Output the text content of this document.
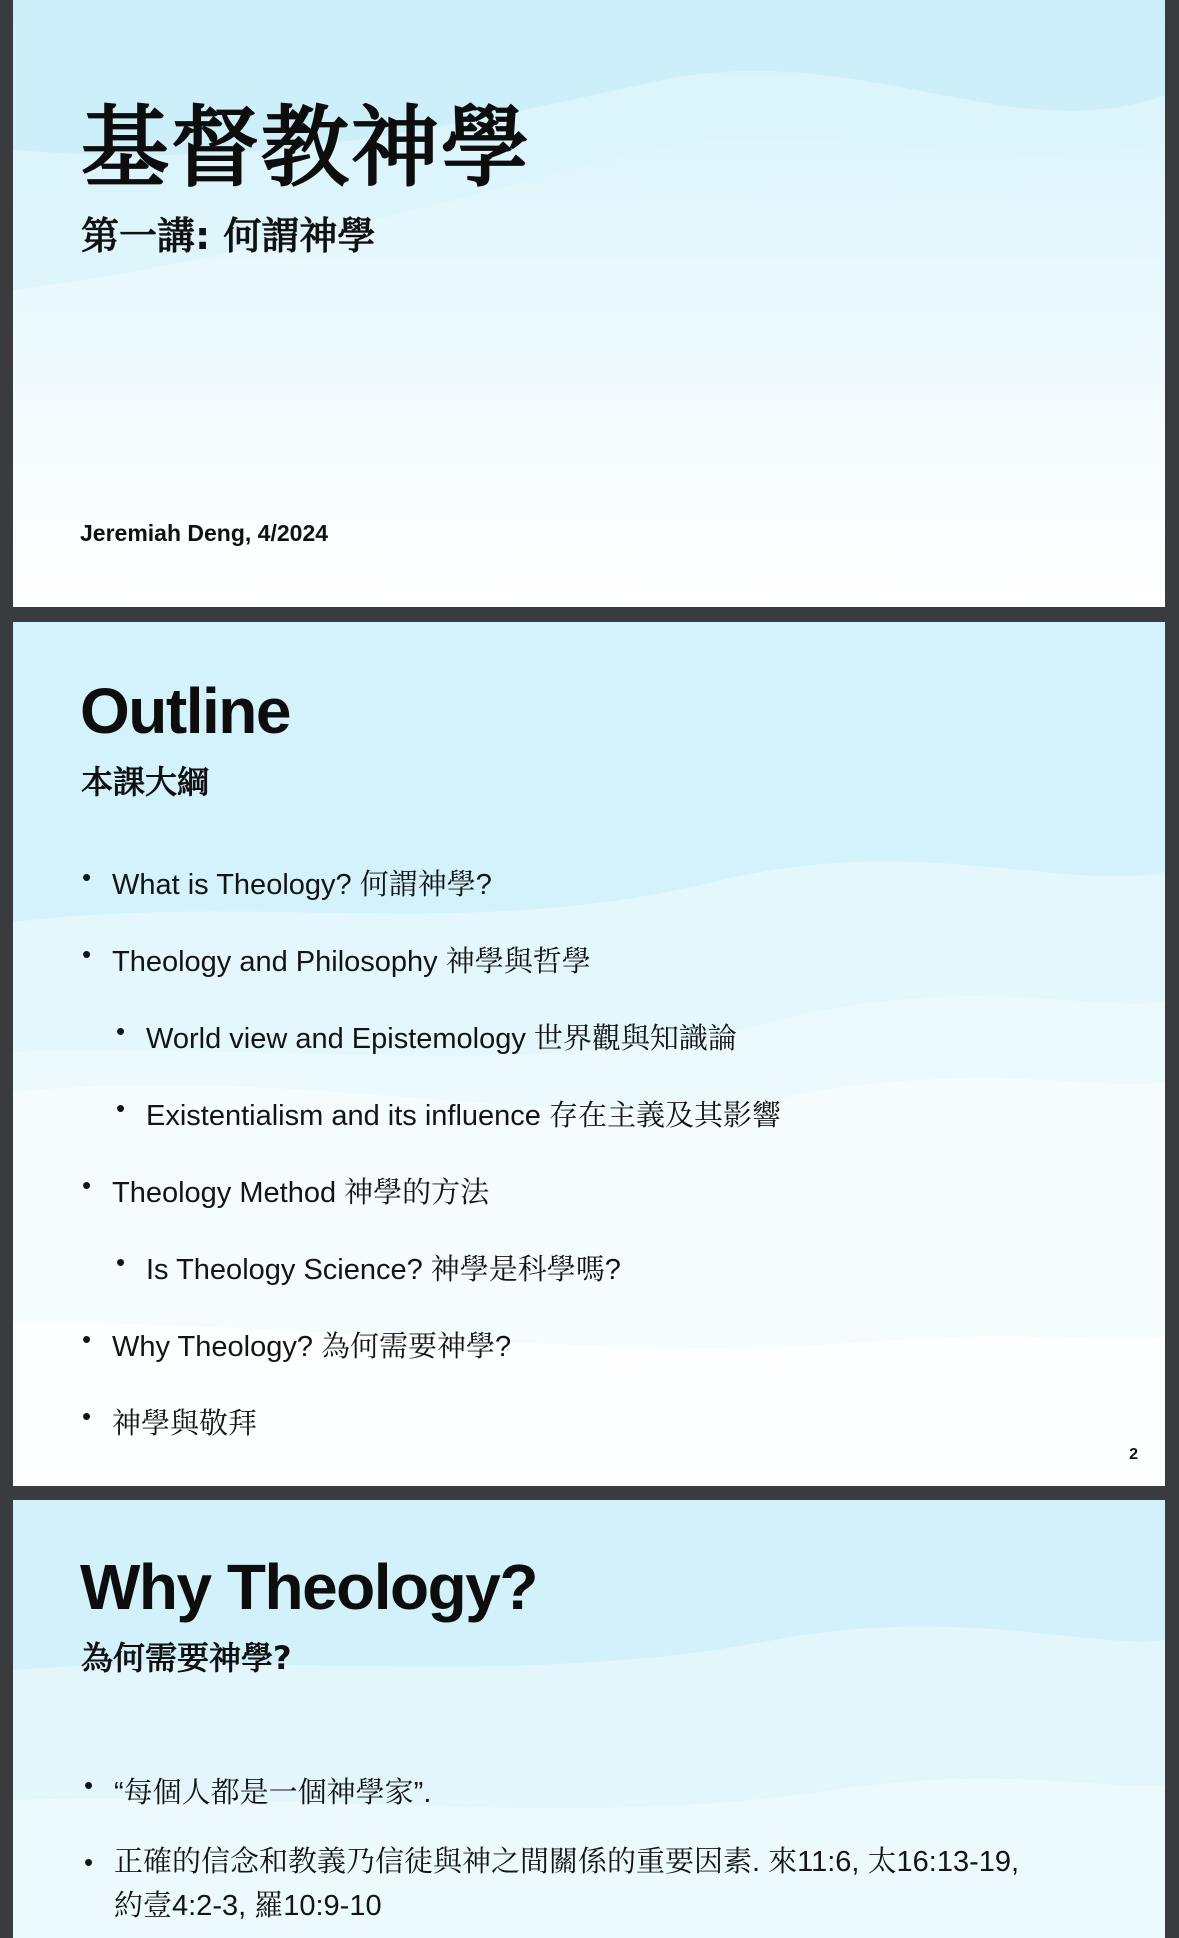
基督教神學
第一講: 何謂神學
Jeremiah Deng, 4/2024
Outline
本課大綱
• What is Theology? 何謂神學?
• Theology and Philosophy 神學與哲學
• World view and Epistemology 世界觀與知識論
• Existentialism and its influence 存在主義及其影響
• Theology Method 神學的方法
• Is Theology Science? 神學是科學嗎?
• Why Theology? 為何需要神學?
• 神學與敬拜
2
Why Theology?
為何需要神學?
• “每個人都是一個神學家”.
• 正確的信念和教義乃信徒與神之間關係的重要因素. 來11:6, 太16:13-19, 約壹4:2-3, 羅10:9-10
